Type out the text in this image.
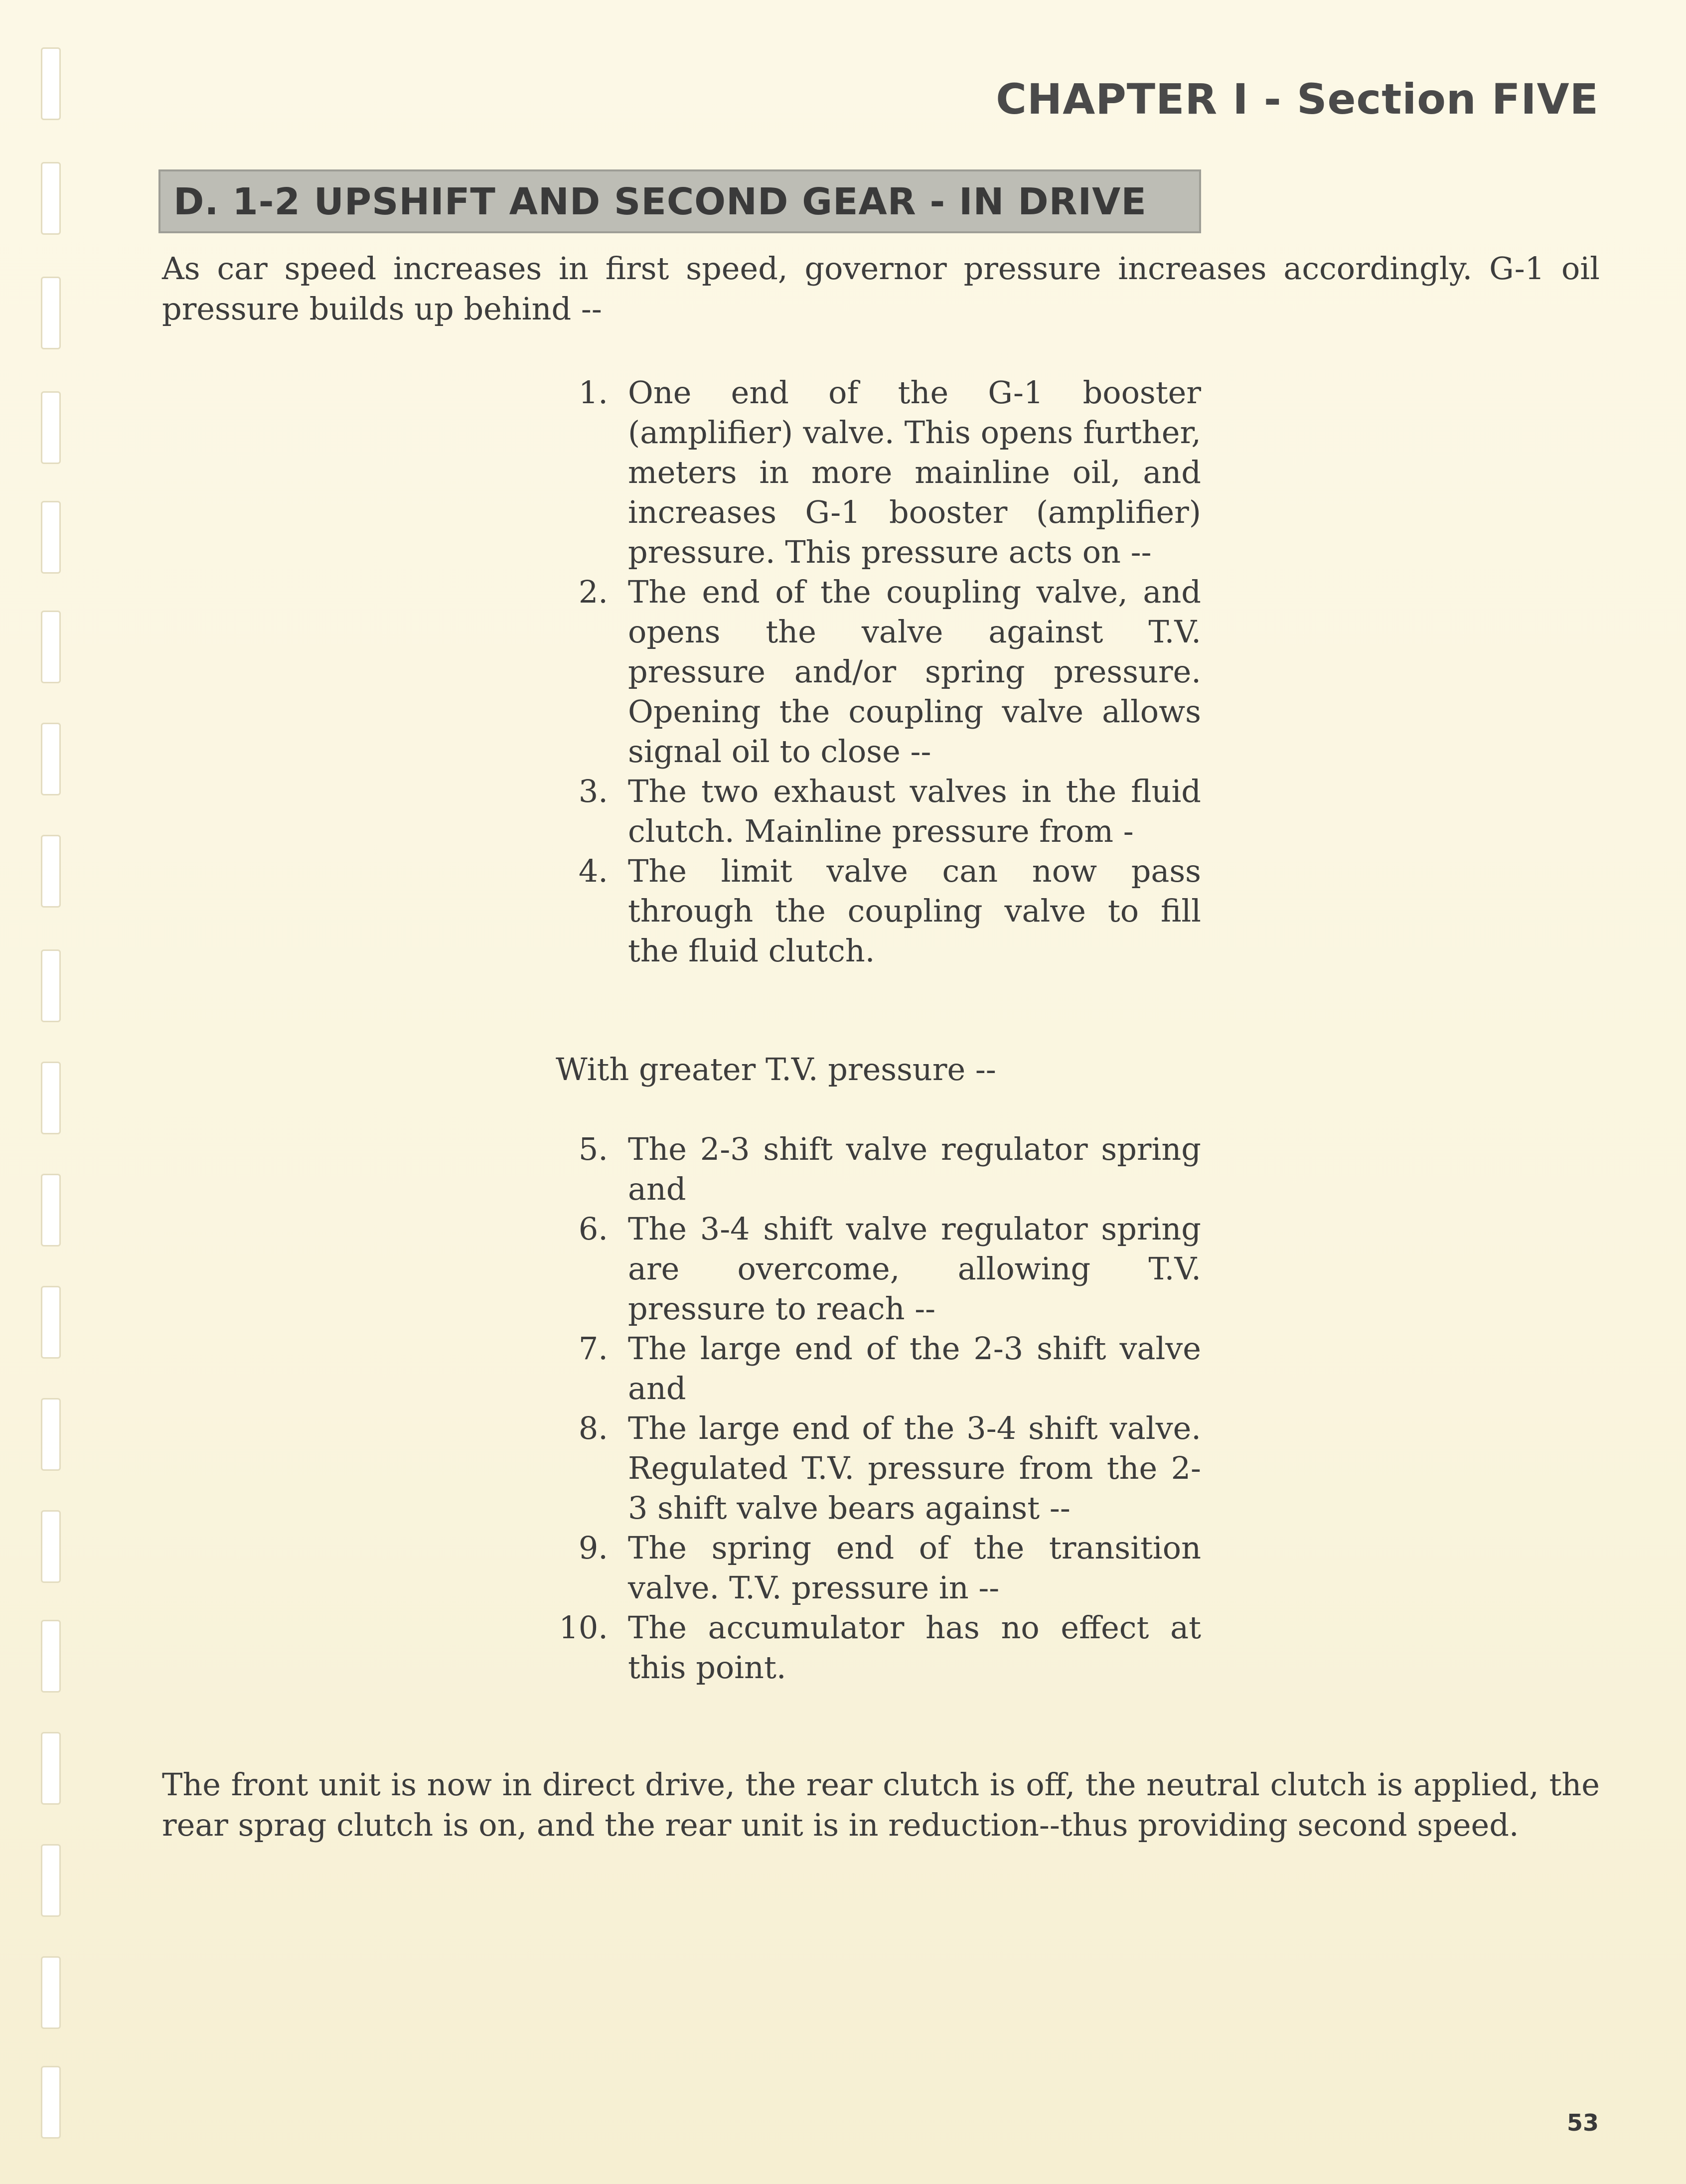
CHAPTER I - Section FIVE
D. 1-2 UPSHIFT AND SECOND GEAR - IN DRIVE

As car speed increases in first speed, governor pressure increases accordingly. G-1 oil pressure builds up behind --

1. One end of the G-1 booster (amplifier) valve. This opens further, meters in more mainline oil, and increases G-1 booster (amplifier) pressure. This pressure acts on --
2. The end of the coupling valve, and opens the valve against T.V. pressure and/or spring pressure. Opening the coupling valve allows signal oil to close --
3. The two exhaust valves in the fluid clutch. Mainline pressure from -
4. The limit valve can now pass through the coupling valve to fill the fluid clutch.

With greater T.V. pressure --

5. The 2-3 shift valve regulator spring and
6. The 3-4 shift valve regulator spring are overcome, allowing T.V. pressure to reach --
7. The large end of the 2-3 shift valve and
8. The large end of the 3-4 shift valve. Regulated T.V. pressure from the 2-3 shift valve bears against --
9. The spring end of the transition valve. T.V. pressure in --
10. The accumulator has no effect at this point.

The front unit is now in direct drive, the rear clutch is off, the neutral clutch is applied, the rear sprag clutch is on, and the rear unit is in reduction--thus providing second speed.

53
